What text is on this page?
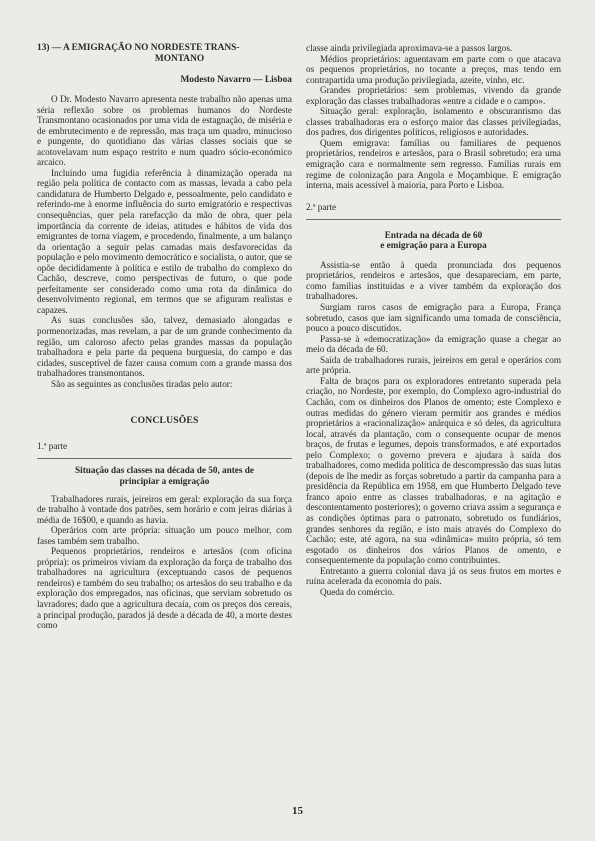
13) — A EMIGRAÇÃO NO NORDESTE TRANS-
MONTANO
Modesto Navarro — Lisboa

O Dr. Modesto Navarro apresenta neste trabalho não apenas uma séria reflexão sobre os problemas humanos do Nordeste Transmontano ocasionados por uma vida de estagnação, de miséria e de embrutecimento e de repressão, mas traça um quadro, minucioso e pungente, do quotidiano das várias classes sociais que se acotovelavam num espaço restrito e num quadro sócio-económico arcaico.

Incluindo uma fugidia referência à dinamização operada na região pela política de contacto com as massas, levada a cabo pela candidatura de Humberto Delgado e, pessoalmente, pelo candidato e referindo-me à enorme influência do surto emigratório e respectivas consequências, quer pela rarefacção da mão de obra, quer pela importância da corrente de ideias, atitudes e hábitos de vida dos emigrantes de torna viagem, e procedendo, finalmente, a um balanço da orientação a seguir pelas camadas mais desfavorecidas da população e pelo movimento democrático e socialista, o autor, que se opõe decididamente à política e estilo de trabalho do complexo do Cachão, descreve, como perspectivas de futuro, o que pode perfeitamente ser considerado como uma rota da dinâmica do desenvolvimento regional, em termos que se afiguram realistas e capazes.

As suas conclusões são, talvez, demasiado alongadas e pormenorizadas, mas revelam, a par de um grande conhecimento da região, um caloroso afecto pelas grandes massas da população trabalhadora e pela parte da pequena burguesia, do campo e das cidades, susceptível de fazer causa comum com a grande massa dos trabalhadores transmontanos.

São as seguintes as conclusões tiradas pelo autor:

CONCLUSÕES
1.ª parte
Situação das classes na década de 50, antes de
principiar a emigração

Trabalhadores rurais, jeireiros em geral: exploração da sua força de trabalho à vontade dos patrões, sem horário e com jeiras diárias à média de 16$00, e quando as havia.

Operários com arte própria: situação um pouco melhor, com fases também sem trabalho.

Pequenos proprietários, rendeiros e artesãos (com oficina própria): os primeiros viviam da exploração da força de trabalho dos trabalhadores na agricultura (exceptuando casos de pequenos rendeiros) e também do seu trabalho; os artesãos do seu trabalho e da exploração dos empregados, nas oficinas, que serviam sobretudo os lavradores; dado que a agricultura decaía, com os preços dos cereais, a principal produção, parados já desde a década de 40, a morte destes como

classe ainda privilegiada aproximava-se a passos largos.

Médios proprietários: aguentavam em parte com o que atacava os pequenos proprietários, no tocante a preços, mas tendo em contrapartida uma produção privilegiada, azeite, vinho, etc.

Grandes proprietários: sem problemas, vivendo da grande exploração das classes trabalhadoras «entre a cidade e o campo».

Situação geral: exploração, isolamento e obscurantismo das classes trabalhadoras era o esforço maior das classes privilegiadas, dos padres, dos dirigentes políticos, religiosos e autoridades.

Quem emigrava: famílias ou familiares de pequenos proprietários, rendeiros e artesãos, para o Brasil sobretudo; era uma emigração cara e normalmente sem regresso. Famílias rurais em regime de colonização para Angola e Moçambique. E emigração interna, mais acessível à maioria, para Porto e Lisboa.

2.ª parte
Entrada na década de 60
e emigração para a Europa

Assistia-se então à queda pronunciada dos pequenos proprietários, rendeiros e artesãos, que desapareciam, em parte, como famílias instituídas e a viver também da exploração dos trabalhadores.

Surgiam raros casos de emigração para a Europa, França sobretudo, casos que iam significando uma tomada de consciência, pouco a pouco discutidos.

Passa-se à «democratização» da emigração quase a chegar ao meio da década de 60.

Saída de trabalhadores rurais, jeireiros em geral e operários com arte própria.

Falta de braços para os exploradores entretanto superada pela criação, no Nordeste, por exemplo, do Complexo agro-industrial do Cachão, com os dinheiros dos Planos de omento; este Complexo e outras medidas do género vieram permitir aos grandes e médios proprietários a «racionalização» anárquica e só deles, da agricultura local, através da plantação, com o consequente ocupar de menos braços, de frutas e legumes, depois transformados, e até exportados pelo Complexo; o governo prevera e ajudara à saída dos trabalhadores, como medida política de descompressão das suas lutas (depois de lhe medir as forças sobretudo a partir da campanha para a presidência da República em 1958, em que Humberto Delgado teve franco apoio entre as classes trabalhadoras, e na agitação e descontentamento posteriores); o governo criava assim a segurança e as condições óptimas para o patronato, sobretudo os fundiários, grandes senhores da região, e isto mais através do Complexo do Cachão; este, até agora, na sua «dinâmica» muito própria, só tem esgotado os dinheiros dos vários Planos de omento, e consequentemente da população como contribuintes.

Entretanto a guerra colonial dava já os seus frutos em mortes e ruína acelerada da economia do país.

Queda do comércio.

15
